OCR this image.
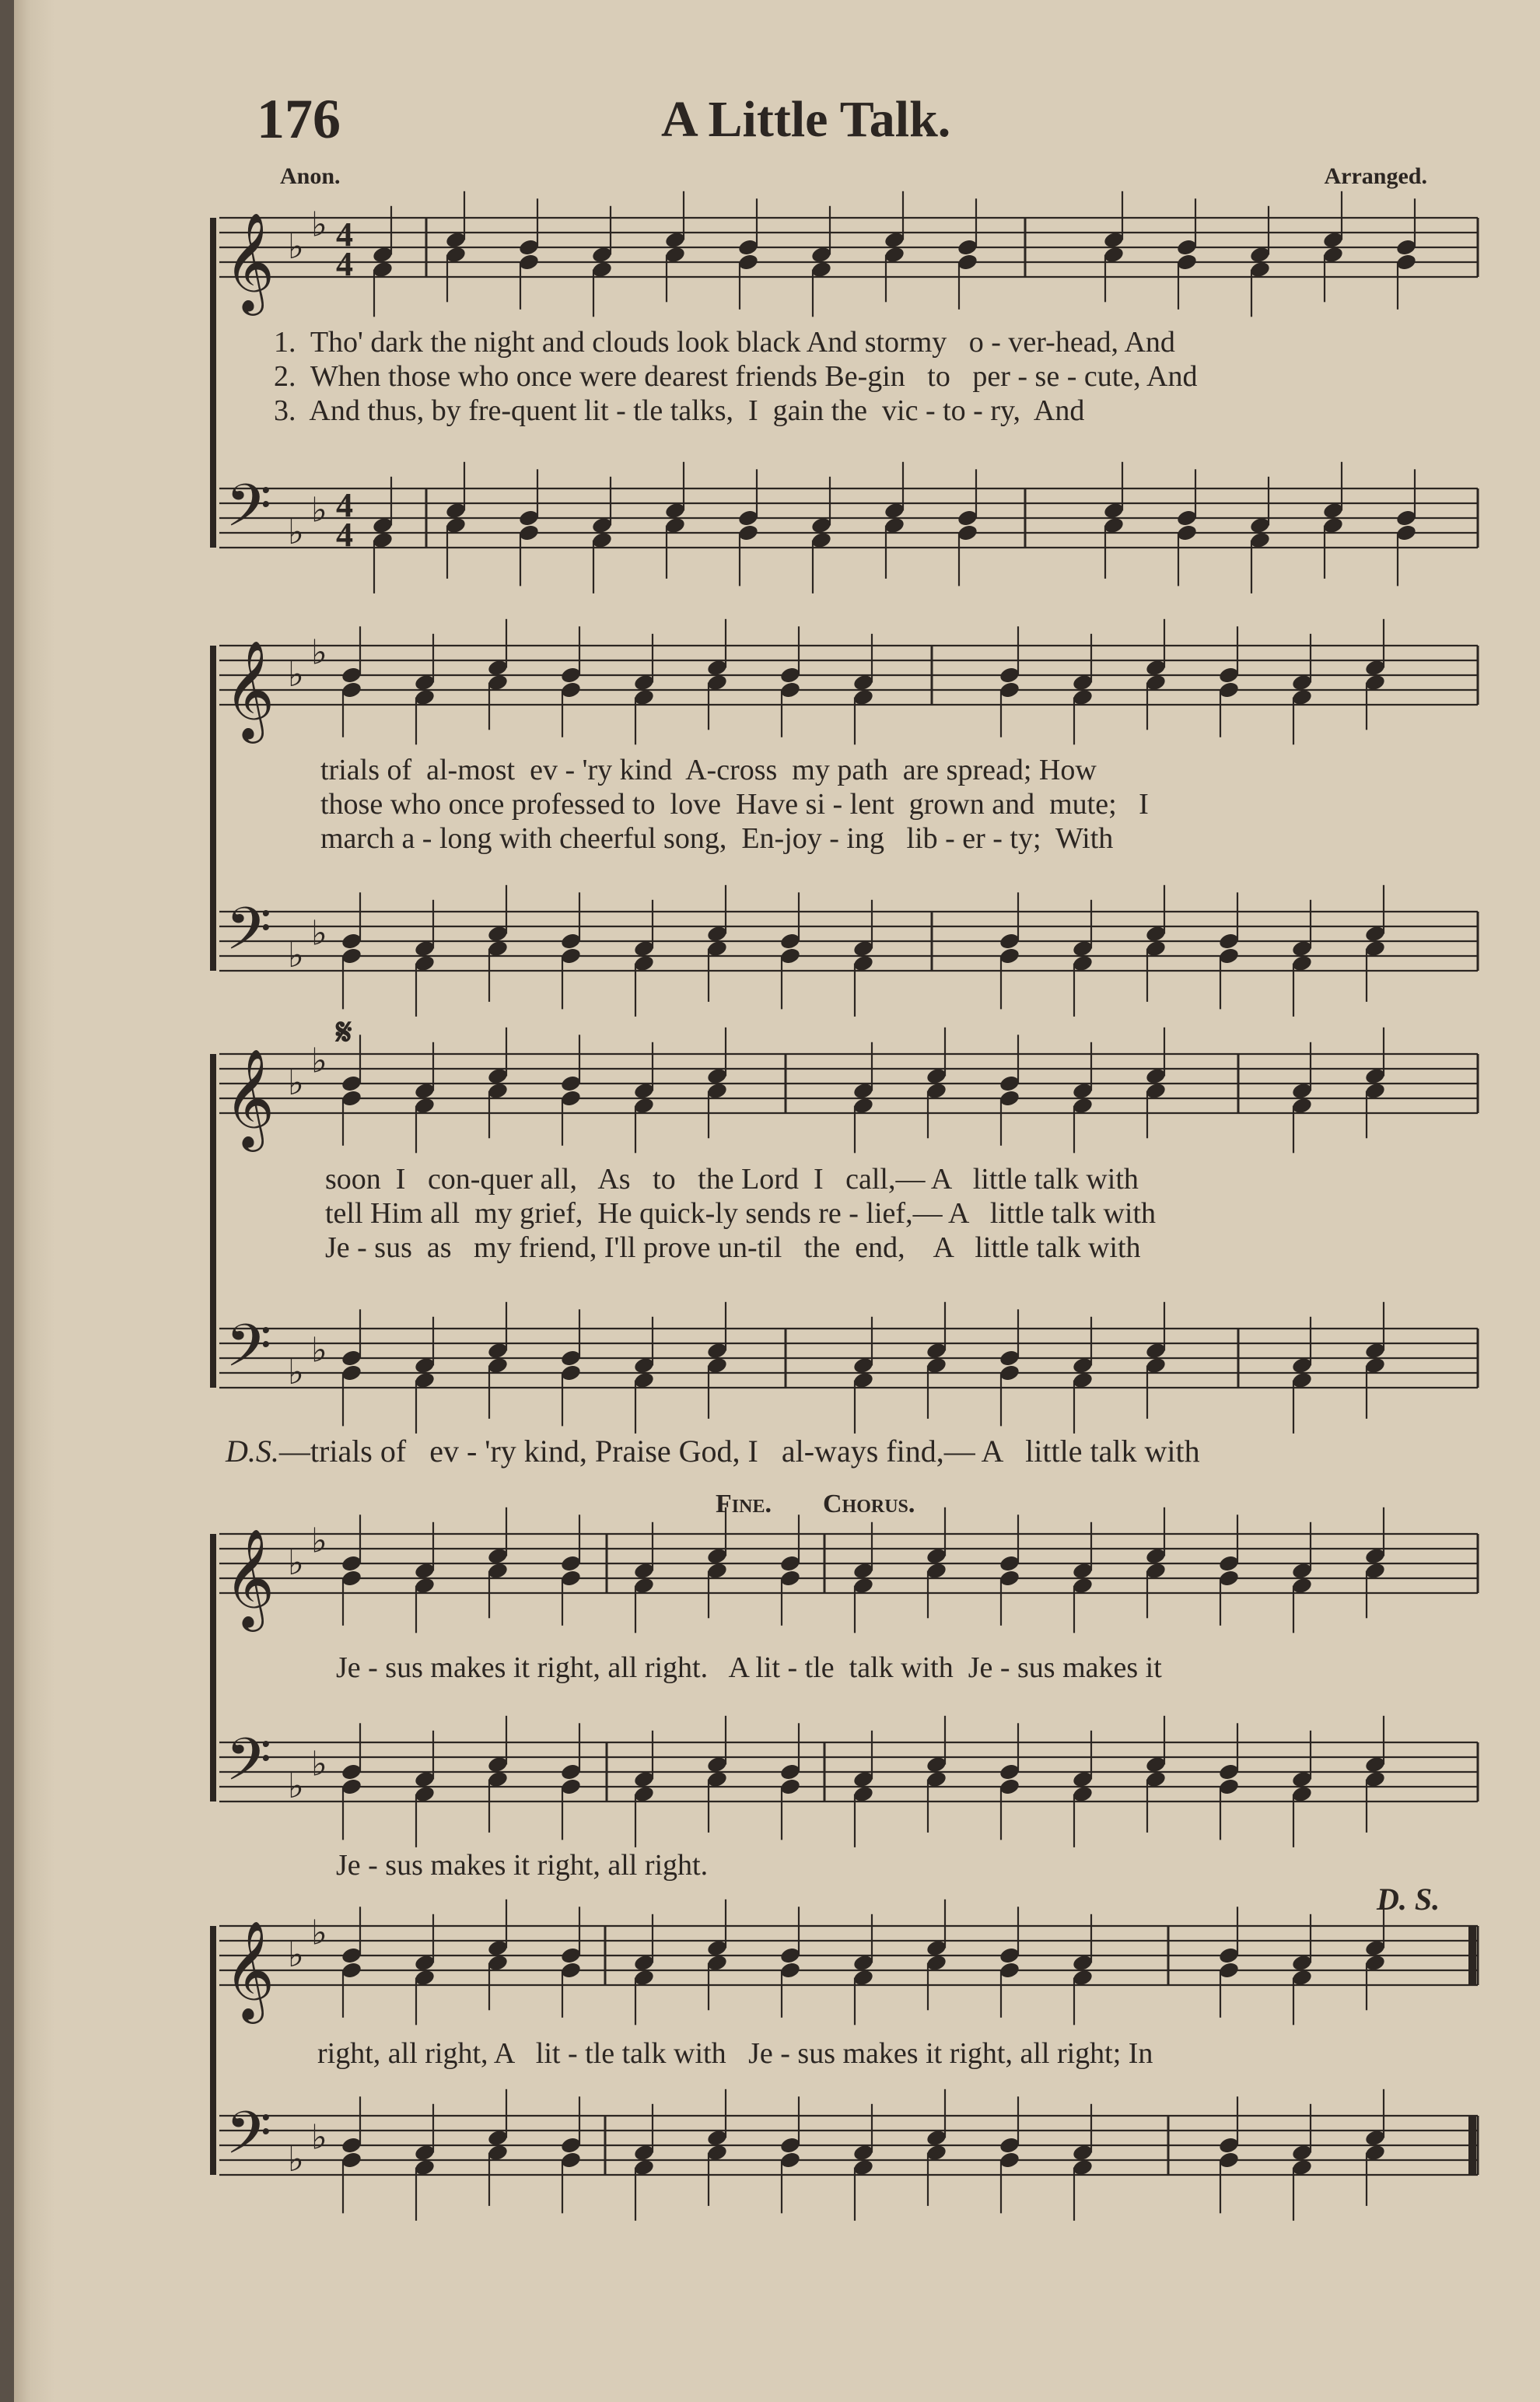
176	A Little Talk.
Anon.	Arranged.
𝄞 ♭
♭ 4
4
𝄢 ♭
♭ 4
4
𝄞 ♭
♭
𝄢 ♭
♭
𝄞 ♭
♭
𝄢 ♭
♭
𝄞 ♭
♭
𝄢 ♭
♭
𝄞 ♭
♭
𝄢 ♭
♭
1.  Tho' dark the night and clouds look black And stormy   o - ver-head, And
2.  When those who once were dearest friends Be-gin   to   per - se - cute, And
3.  And thus, by fre-quent lit - tle talks,  I  gain the  vic - to - ry,  And
trials of  al-most  ev - 'ry kind  A-cross  my path  are spread; How
those who once professed to  love  Have si - lent  grown and  mute;   I
march a - long with cheerful song,  En-joy - ing   lib - er - ty;  With
𝄋
soon  I   con-quer all,   As   to   the Lord  I   call,— A   little talk with
tell Him all  my grief,  He quick-ly sends re - lief,— A   little talk with
Je - sus  as   my friend, I'll prove un-til   the  end,    A   little talk with
D.S.—trials of   ev - 'ry kind, Praise God, I   al-ways find,— A   little talk with
Fine. Chorus.
Je - sus makes it right, all right.   A lit - tle  talk with  Je - sus makes it
Je - sus makes it right, all right.
D. S.
right, all right, A   lit - tle talk with   Je - sus makes it right, all right; In
